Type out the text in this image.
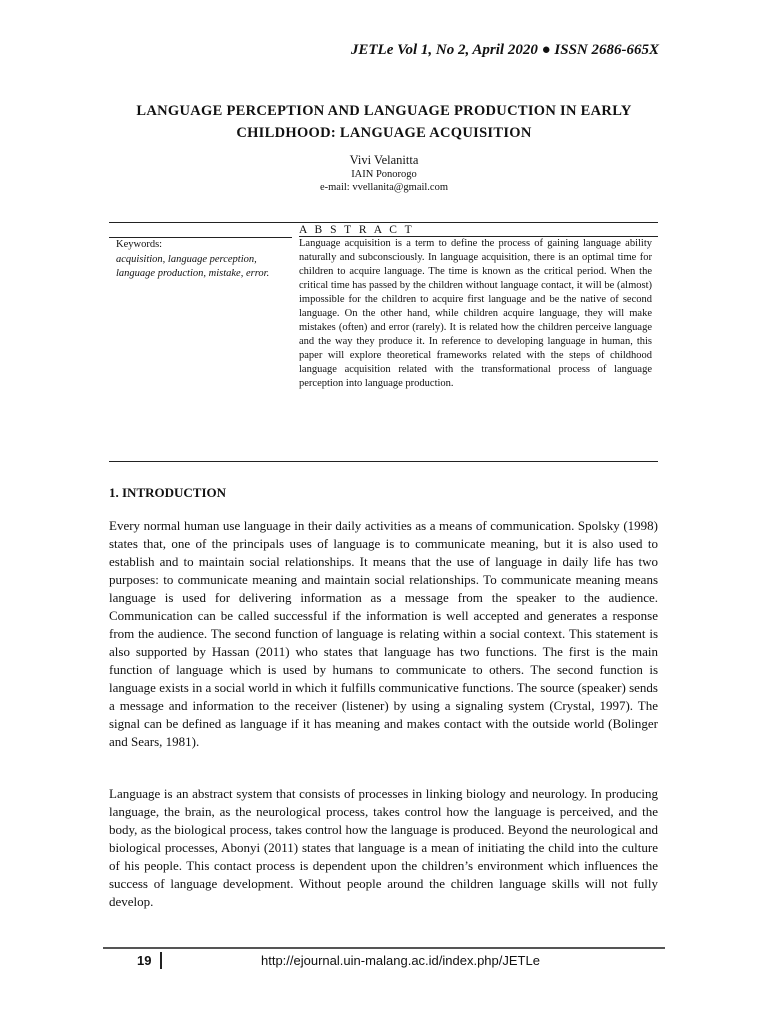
JETLe Vol 1, No 2, April 2020 ● ISSN 2686-665X
LANGUAGE PERCEPTION AND LANGUAGE PRODUCTION IN EARLY
CHILDHOOD: LANGUAGE ACQUISITION
Vivi Velanitta
IAIN Ponorogo
e-mail: vvellanita@gmail.com
A B S T R A C T
Keywords:
acquisition, language perception, language production, mistake, error.

Language acquisition is a term to define the process of gaining language ability naturally and subconsciously. In language acquisition, there is an optimal time for children to acquire language. The time is known as the critical period. When the critical time has passed by the children without language contact, it will be (almost) impossible for the children to acquire first language and be the native of second language. On the other hand, while children acquire language, they will make mistakes (often) and error (rarely). It is related how the children perceive language and the way they produce it. In reference to developing language in human, this paper will explore theoretical frameworks related with the steps of childhood language acquisition related with the transformational process of language perception into language production.

1. INTRODUCTION

Every normal human use language in their daily activities as a means of communication. Spolsky (1998) states that, one of the principals uses of language is to communicate meaning, but it is also used to establish and to maintain social relationships. It means that the use of language in daily life has two purposes: to communicate meaning and maintain social relationships. To communicate meaning means language is used for delivering information as a message from the speaker to the audience. Communication can be called successful if the information is well accepted and generates a response from the audience. The second function of language is relating within a social context. This statement is also supported by Hassan (2011) who states that language has two functions. The first is the main function of language which is used by humans to communicate to others. The second function is language exists in a social world in which it fulfills communicative functions. The source (speaker) sends a message and information to the receiver (listener) by using a signaling system (Crystal, 1997). The signal can be defined as language if it has meaning and makes contact with the outside world (Bolinger and Sears, 1981).

Language is an abstract system that consists of processes in linking biology and neurology. In producing language, the brain, as the neurological process, takes control how the language is perceived, and the body, as the biological process, takes control how the language is produced. Beyond the neurological and biological processes, Abonyi (2011) states that language is a mean of initiating the child into the culture of his people. This contact process is dependent upon the children’s environment which influences the success of language development. Without people around the children language skills will not fully develop.

19	http://ejournal.uin-malang.ac.id/index.php/JETLe
